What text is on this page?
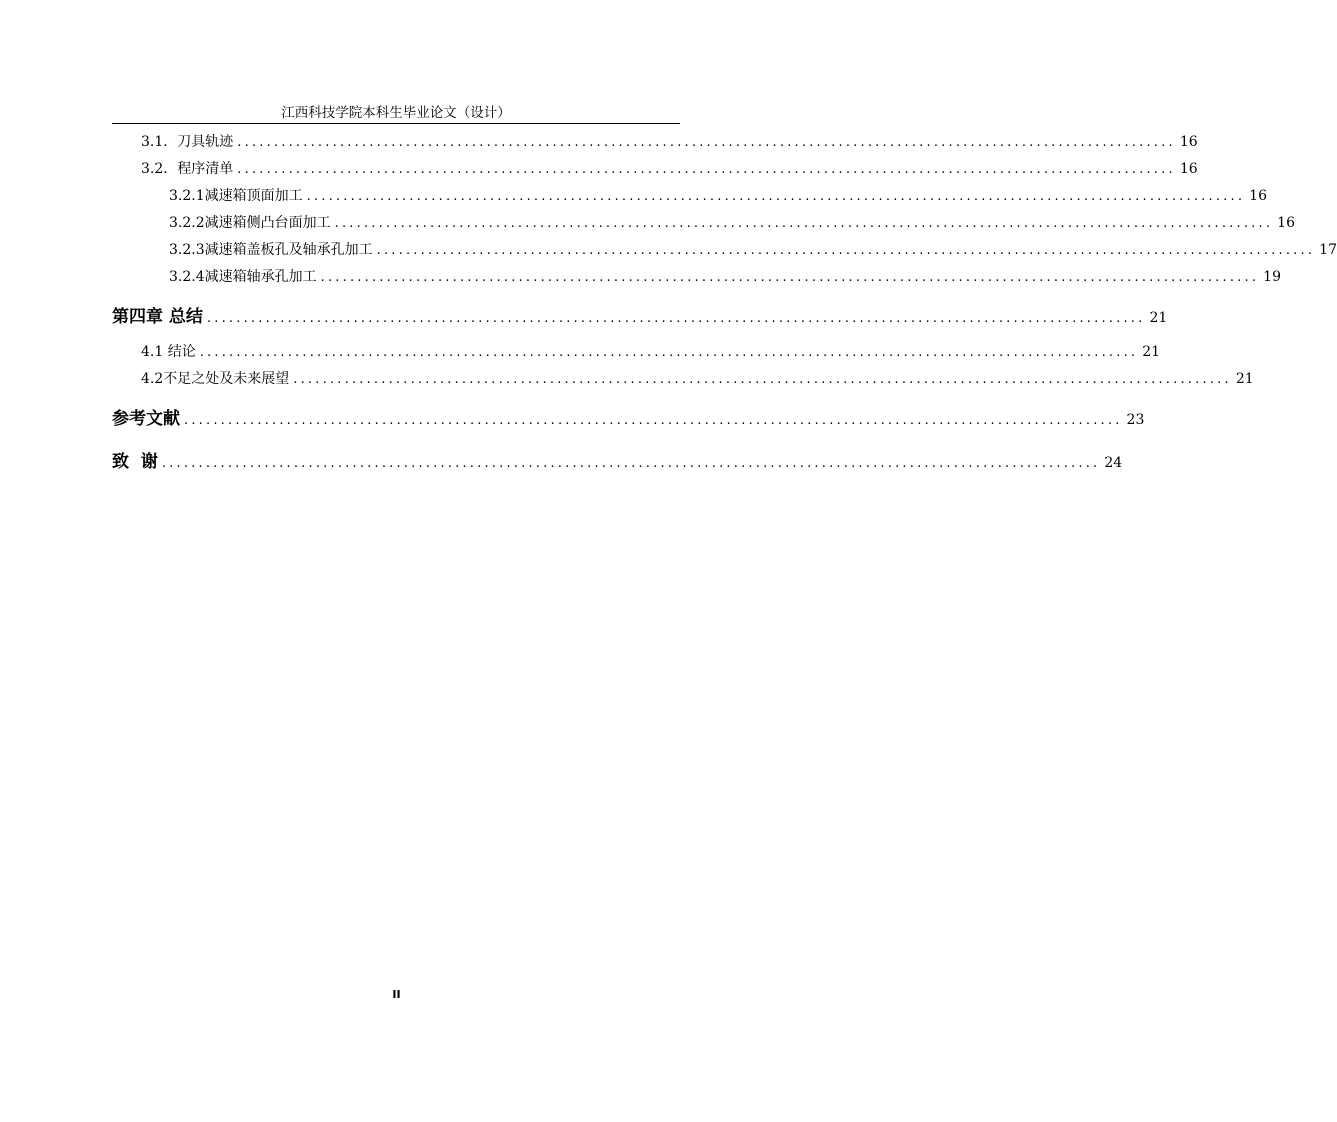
江西科技学院本科生毕业论文（设计）
3.1．刀具轨迹 ................................................................................................................................ 16
3.2．程序清单 ................................................................................................................................ 16
3.2.1减速箱顶面加工 ................................................................................................................................ 16
3.2.2减速箱侧凸台面加工 ................................................................................................................................ 16
3.2.3减速箱盖板孔及轴承孔加工 ................................................................................................................................ 17
3.2.4减速箱轴承孔加工 ................................................................................................................................ 19
第四章 总结 ................................................................................................................................ 21
4.1 结论 ................................................................................................................................ 21
4.2不足之处及未来展望 ................................................................................................................................ 21
参考文献 ................................................................................................................................ 23
致  谢 ................................................................................................................................ 24
II
